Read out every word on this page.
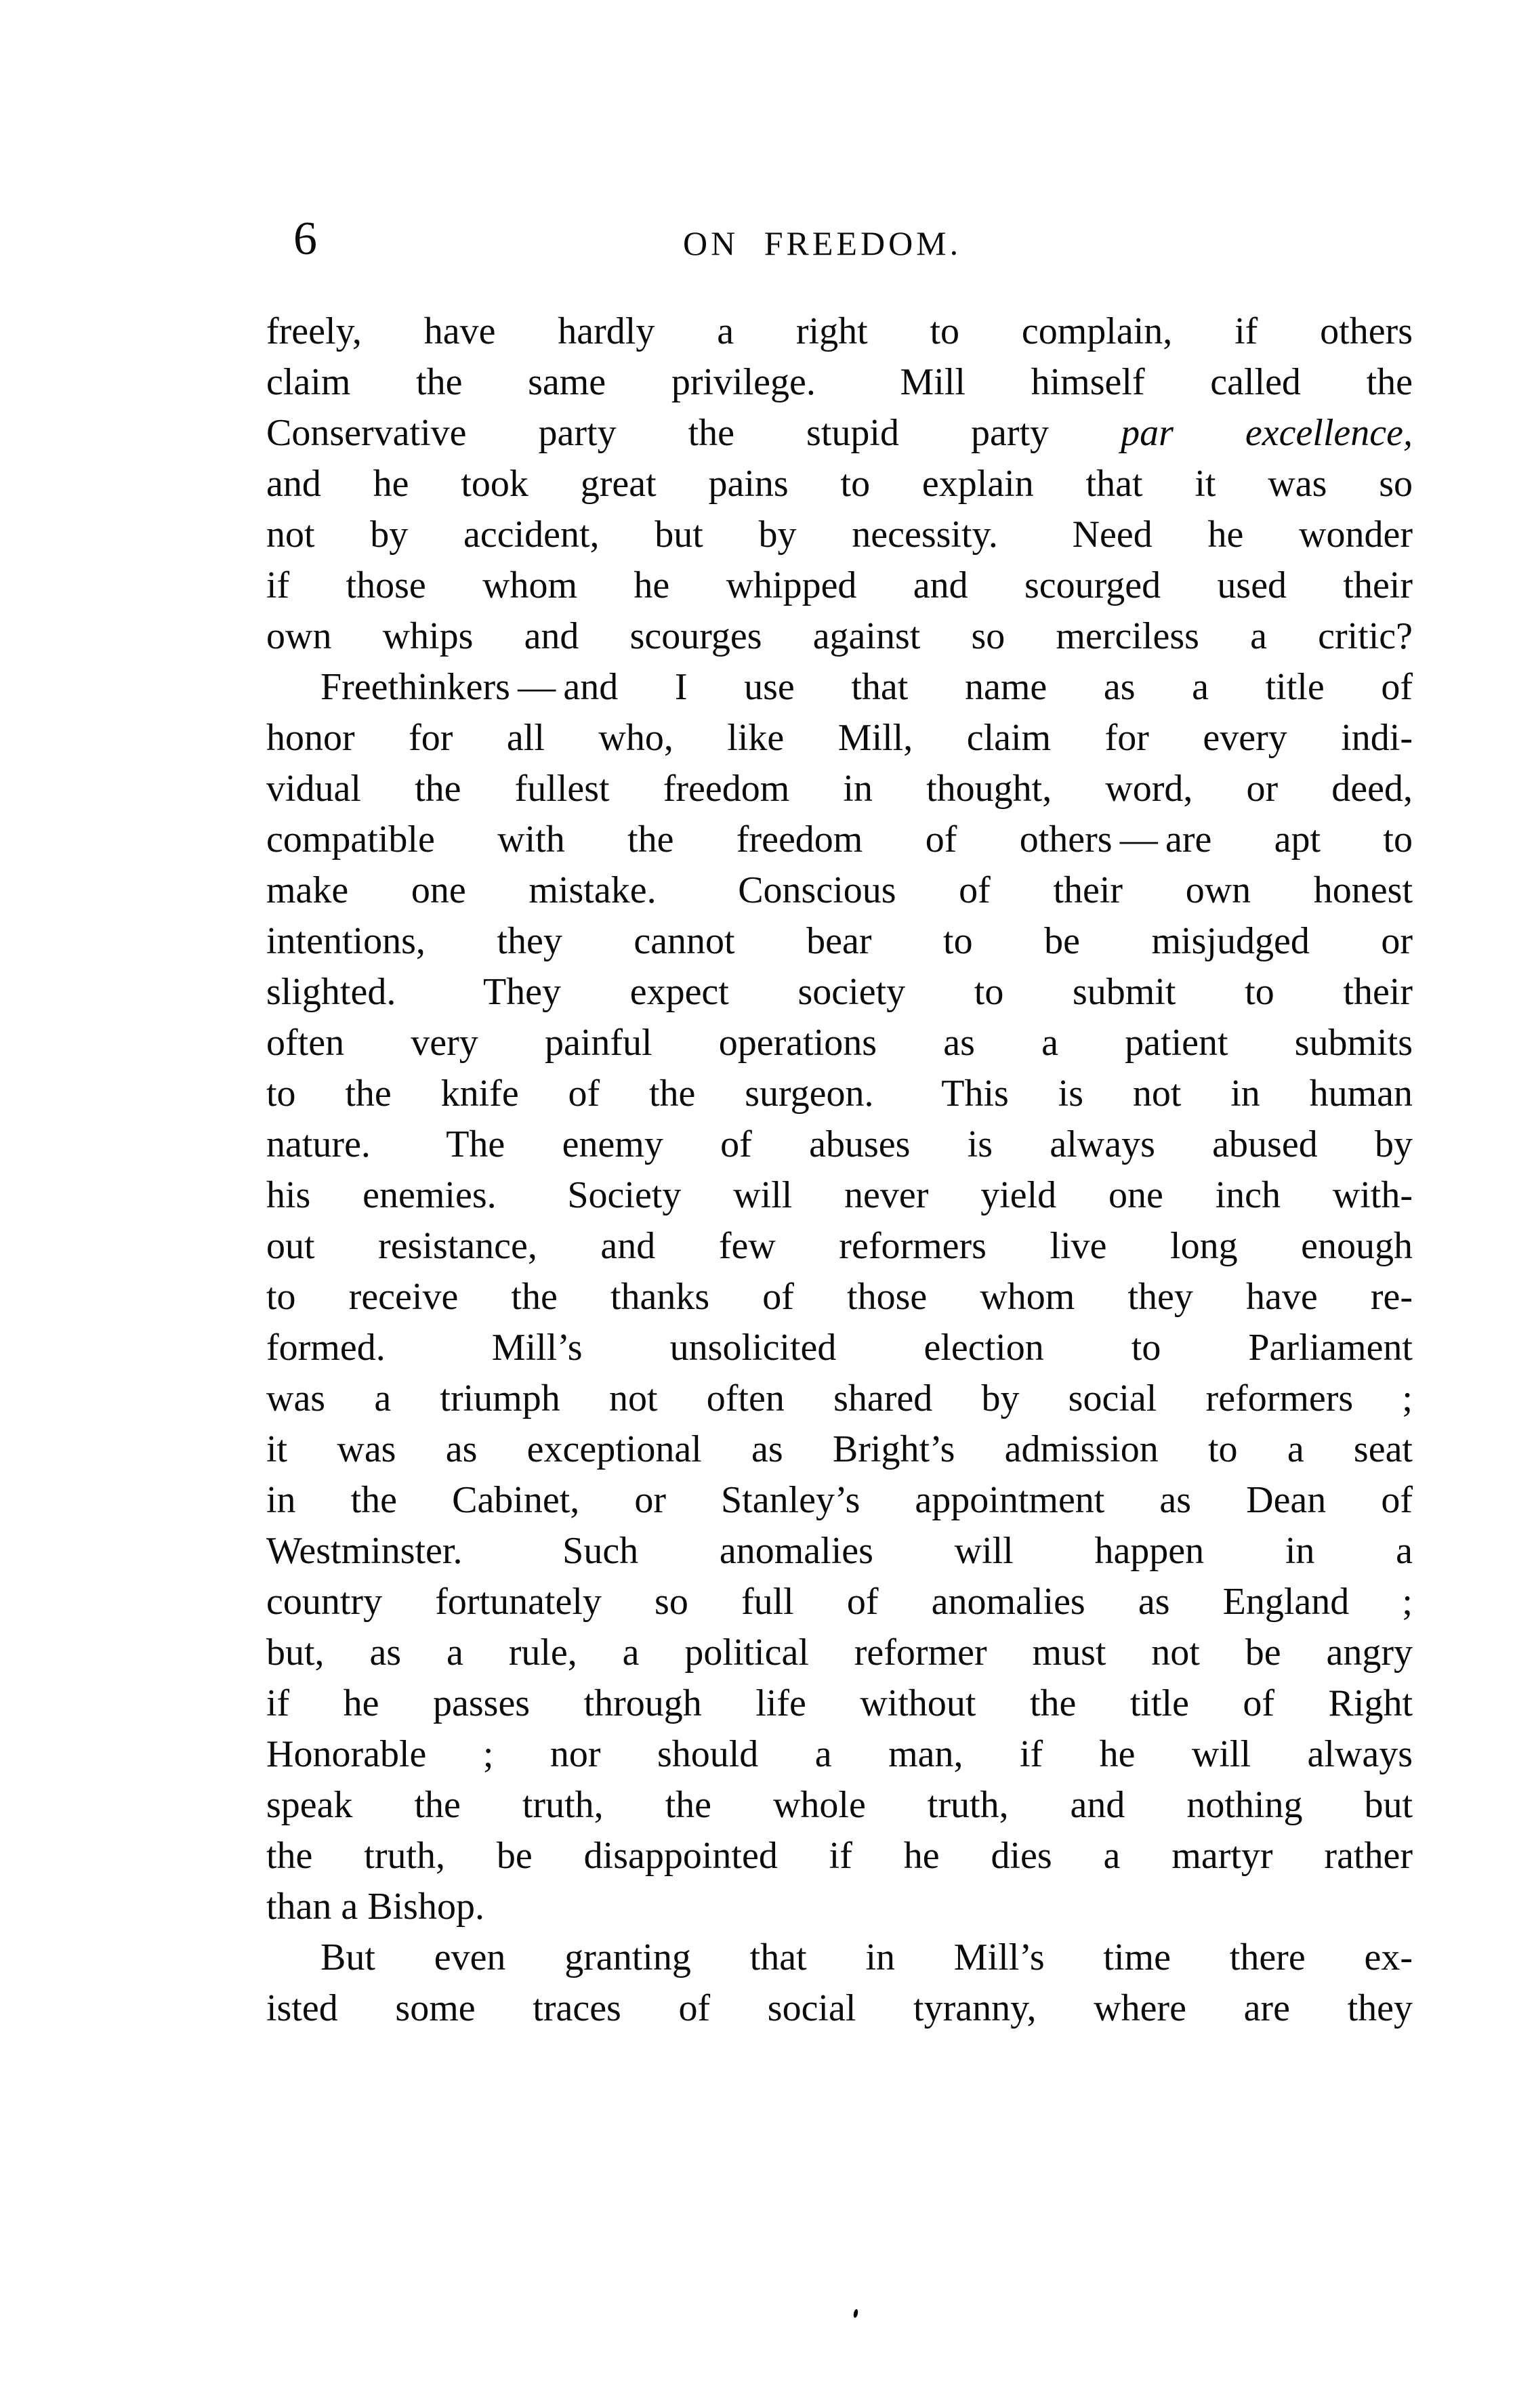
6	ON FREEDOM.
freely, have hardly a right to complain, if others
claim the same privilege.  Mill himself called the
Conservative party the stupid party par excellence,
and he took great pains to explain that it was so
not by accident, but by necessity.  Need he wonder
if those whom he whipped and scourged used their
own whips and scourges against so merciless a critic?
Freethinkers — and I use that name as a title of
honor for all who, like Mill, claim for every indi-
vidual the fullest freedom in thought, word, or deed,
compatible with the freedom of others — are apt to
make one mistake.  Conscious of their own honest
intentions, they cannot bear to be misjudged or
slighted.  They expect society to submit to their
often very painful operations as a patient submits
to the knife of the surgeon.  This is not in human
nature.  The enemy of abuses is always abused by
his enemies.  Society will never yield one inch with-
out resistance, and few reformers live long enough
to receive the thanks of those whom they have re-
formed.  Mill’s unsolicited election to Parliament
was a triumph not often shared by social reformers ;
it was as exceptional as Bright’s admission to a seat
in the Cabinet, or Stanley’s appointment as Dean of
Westminster.  Such anomalies will happen in a
country fortunately so full of anomalies as England ;
but, as a rule, a political reformer must not be angry
if he passes through life without the title of Right
Honorable ; nor should a man, if he will always
speak the truth, the whole truth, and nothing but
the truth, be disappointed if he dies a martyr rather
than a Bishop.
But even granting that in Mill’s time there ex-
isted some traces of social tyranny, where are they
